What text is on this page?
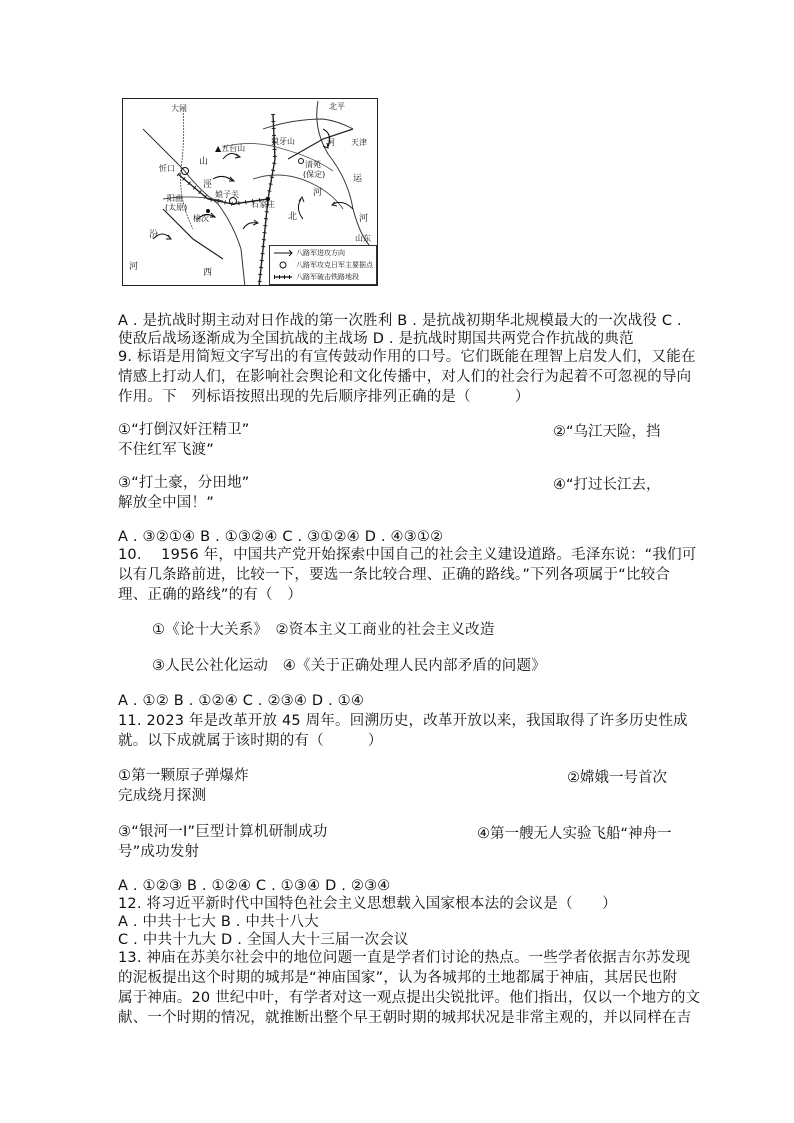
大同	北平
天津
河
▲五台山
狼牙山
清苑
(保定)
山
忻口
运
涇
娘子关	河
石家庄
阳曲
(太原)
北
榆次
汾
河
山东
河
西
八路军进攻方向
八路军攻克日军主要据点
八路军破击铁路地段
A . 是抗战时期主动对日作战的第一次胜利 B . 是抗战初期华北规模最大的一次战役 C .
使敌后战场逐渐成为全国抗战的主战场 D . 是抗战时期国共两党合作抗战的典范
9. 标语是用简短文字写出的有宣传鼓动作用的口号。它们既能在理智上启发人们，又能在
情感上打动人们，在影响社会舆论和文化传播中，对人们的社会行为起着不可忽视的导向
作用。下　列标语按照出现的先后顺序排列正确的是（　　　）
①“打倒汉奸汪精卫”	②“乌江天险，挡
不住红军飞渡”
③“打土豪，分田地”	④“打过长江去，
解放全中国！”
A . ③②①④ B . ①③②④ C . ③①②④ D . ④③①②
10.　 1956 年，中国共产党开始探索中国自己的社会主义建设道路。毛泽东说：“我们可
以有几条路前进，比较一下，要选一条比较合理、正确的路线。”下列各项属于“比较合
理、正确的路线”的有（　）
①《论十大关系》　②资本主义工商业的社会主义改造
③人民公社化运动　④《关于正确处理人民内部矛盾的问题》
A . ①② B . ①②④ C . ②③④ D . ①④
11. 2023 年是改革开放 45 周年。回溯历史，改革开放以来，我国取得了许多历史性成
就。以下成就属于该时期的有（　　　）
①第一颗原子弹爆炸	②嫦娥一号首次
完成绕月探测
③“银河一I”巨型计算机研制成功	④第一艘无人实验飞船“神舟一
号”成功发射
A . ①②③ B . ①②④ C . ①③④ D . ②③④
12. 将习近平新时代中国特色社会主义思想载入国家根本法的会议是（　　）
A . 中共十七大 B . 中共十八大
C . 中共十九大 D . 全国人大十三届一次会议
13. 神庙在苏美尔社会中的地位问题一直是学者们讨论的热点。一些学者依据吉尔苏发现
的泥板提出这个时期的城邦是“神庙国家”，认为各城邦的土地都属于神庙，其居民也附
属于神庙。20 世纪中叶，有学者对这一观点提出尖锐批评。他们指出，仅以一个地方的文
献、一个时期的情况，就推断出整个早王朝时期的城邦状况是非常主观的，并以同样在吉
